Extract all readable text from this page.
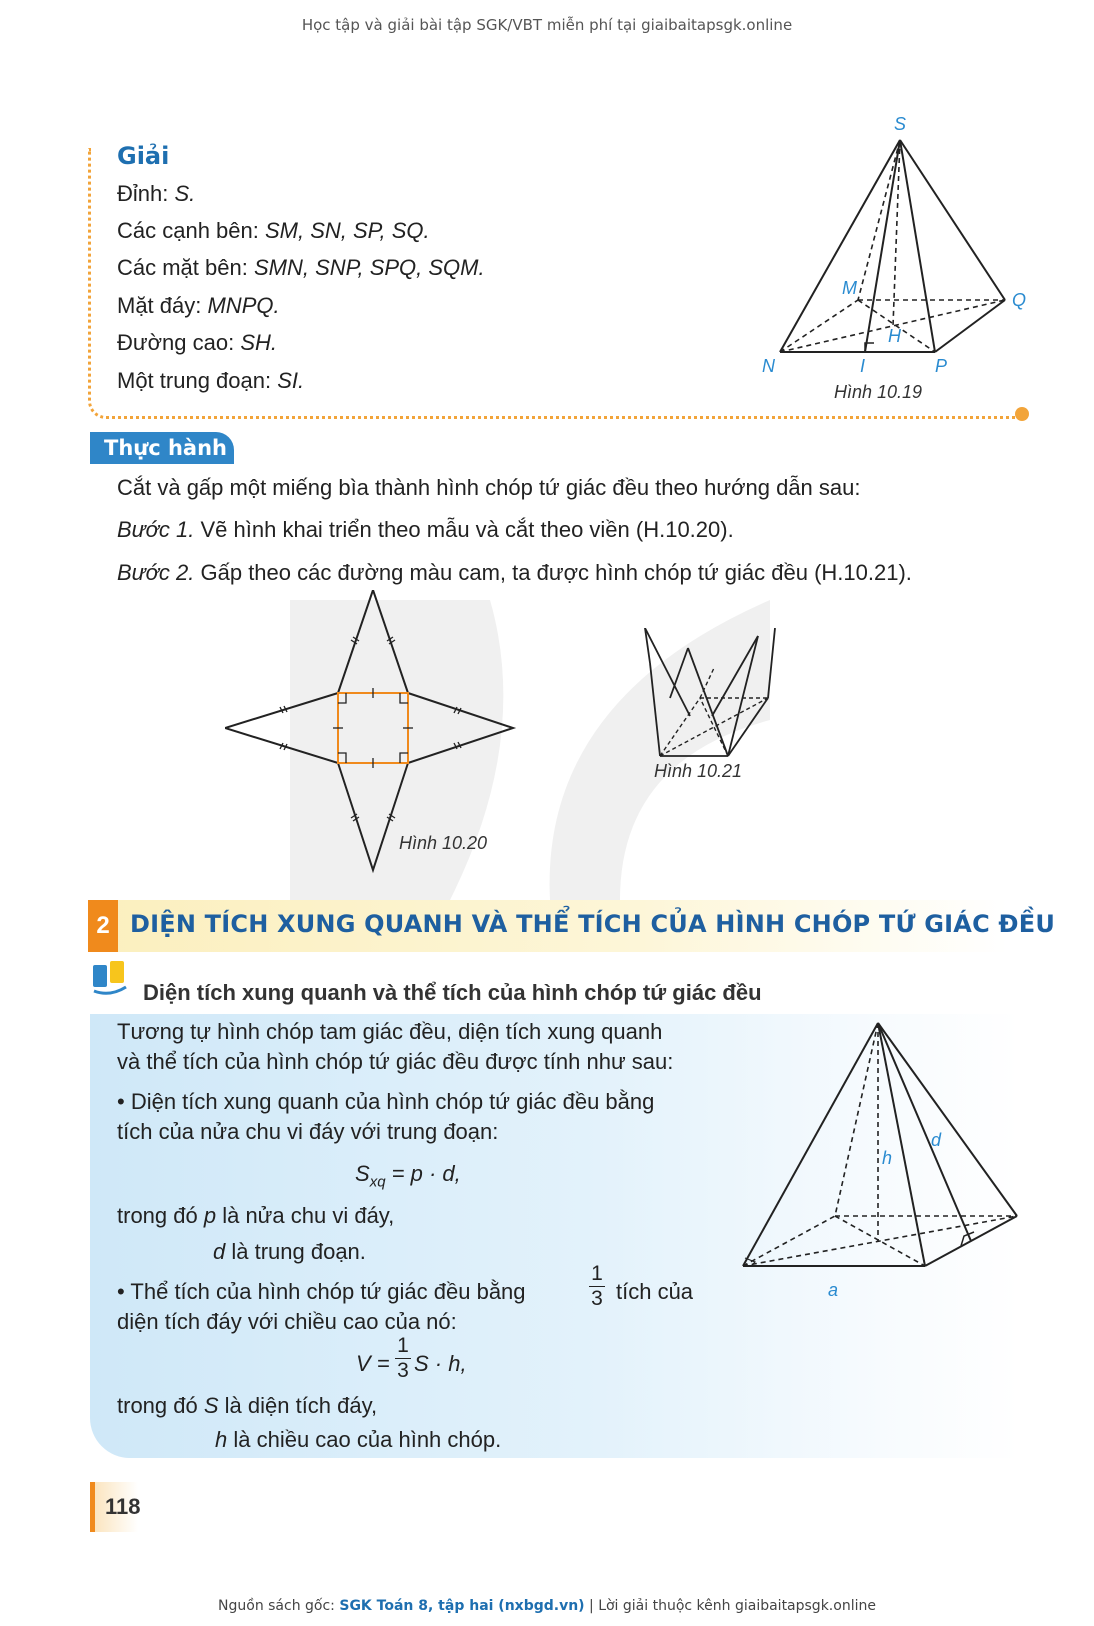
Học tập và giải bài tập SGK/VBT miễn phí tại giaibaitapsgk.online
Giải
Đỉnh: S.
Các cạnh bên: SM, SN, SP, SQ.
Các mặt bên: SMN, SNP, SPQ, SQM.
Mặt đáy: MNPQ.
Đường cao: SH.
Một trung đoạn: SI.
S
M
Q
H
N	I	P
Hình 10.19
Thực hành
Cắt và gấp một miếng bìa thành hình chóp tứ giác đều theo hướng dẫn sau:
Bước 1. Vẽ hình khai triển theo mẫu và cắt theo viền (H.10.20).
Bước 2. Gấp theo các đường màu cam, ta được hình chóp tứ giác đều (H.10.21).
Hình 10.20
Hình 10.21
2 DIỆN TÍCH XUNG QUANH VÀ THỂ TÍCH CỦA HÌNH CHÓP TỨ GIÁC ĐỀU
Diện tích xung quanh và thể tích của hình chóp tứ giác đều
Tương tự hình chóp tam giác đều, diện tích xung quanh
và thể tích của hình chóp tứ giác đều được tính như sau:
• Diện tích xung quanh của hình chóp tứ giác đều bằng
tích của nửa chu vi đáy với trung đoạn:
$S_{xq} = p \cdot d$,
trong đó p là nửa chu vi đáy,
d là trung đoạn.
• Thể tích của hình chóp tứ giác đều bằng
1
3 tích của
diện tích đáy với chiều cao của nó:
V =
1
3 S · h,
trong đó S là diện tích đáy,
h là chiều cao của hình chóp.
h
d
a
118
Nguồn sách gốc: SGK Toán 8, tập hai (nxbgd.vn) | Lời giải thuộc kênh giaibaitapsgk.online
